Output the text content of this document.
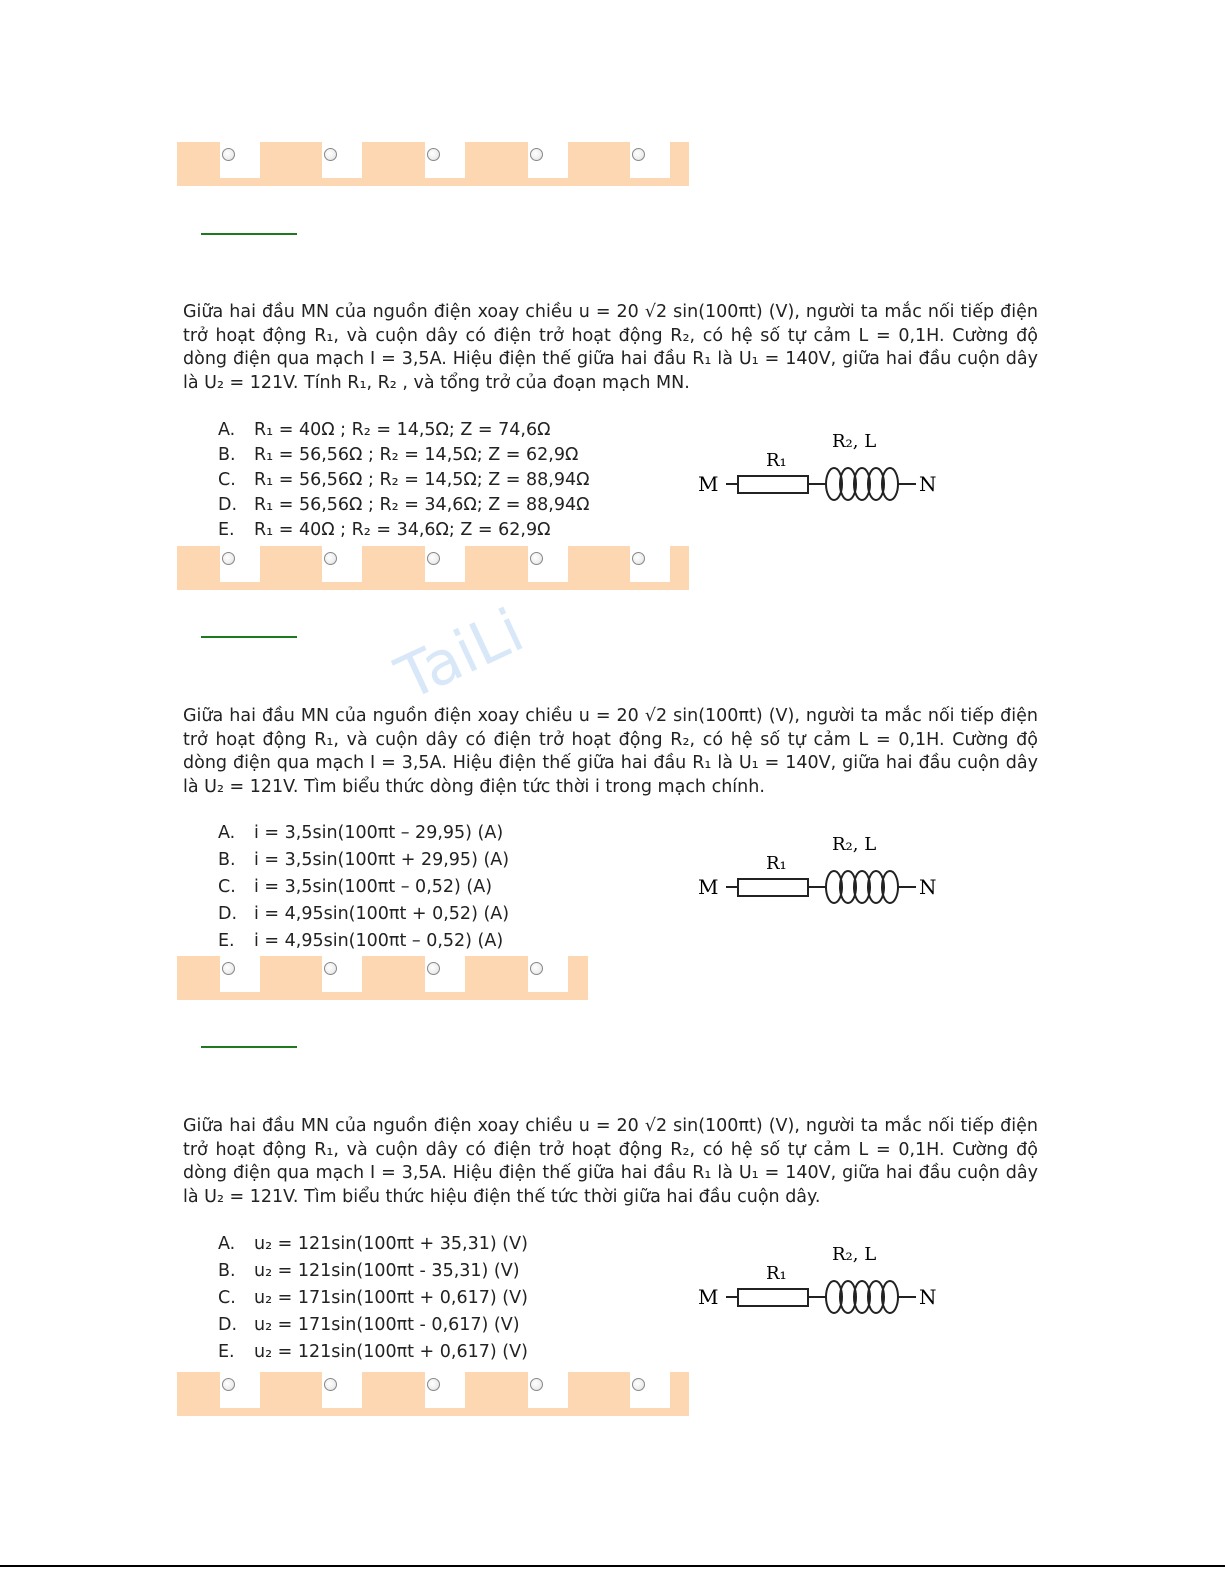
Giữa hai đầu MN của nguồn điện xoay chiều u = 20 √2 sin(100πt) (V), người ta mắc nối tiếp điện trở hoạt động R₁, và cuộn dây có điện trở hoạt động R₂, có hệ số tự cảm L = 0,1H. Cường độ dòng điện qua mạch I = 3,5A. Hiệu điện thế giữa hai đầu R₁ là U₁ = 140V, giữa hai đầu cuộn dây là U₂ = 121V. Tính R₁, R₂ , và tổng trở của đoạn mạch MN.
A. R₁ = 40Ω ; R₂ = 14,5Ω; Z = 74,6Ω
B. R₁ = 56,56Ω ; R₂ = 14,5Ω; Z = 62,9Ω
C. R₁ = 56,56Ω ; R₂ = 14,5Ω; Z = 88,94Ω
D. R₁ = 56,56Ω ; R₂ = 34,6Ω; Z = 88,94Ω
E. R₁ = 40Ω ; R₂ = 34,6Ω; Z = 62,9Ω
M
R₁
R₂, L
N
TaiLi
Giữa hai đầu MN của nguồn điện xoay chiều u = 20 √2 sin(100πt) (V), người ta mắc nối tiếp điện trở hoạt động R₁, và cuộn dây có điện trở hoạt động R₂, có hệ số tự cảm L = 0,1H. Cường độ dòng điện qua mạch I = 3,5A. Hiệu điện thế giữa hai đầu R₁ là U₁ = 140V, giữa hai đầu cuộn dây là U₂ = 121V. Tìm biểu thức dòng điện tức thời i trong mạch chính.
A. i = 3,5sin(100πt – 29,95) (A)
B. i = 3,5sin(100πt + 29,95) (A)
C. i = 3,5sin(100πt – 0,52) (A)
D. i = 4,95sin(100πt + 0,52) (A)
E. i = 4,95sin(100πt – 0,52) (A)
M
R₁
R₂, L
N
Giữa hai đầu MN của nguồn điện xoay chiều u = 20 √2 sin(100πt) (V), người ta mắc nối tiếp điện trở hoạt động R₁, và cuộn dây có điện trở hoạt động R₂, có hệ số tự cảm L = 0,1H. Cường độ dòng điện qua mạch I = 3,5A. Hiệu điện thế giữa hai đầu R₁ là U₁ = 140V, giữa hai đầu cuộn dây là U₂ = 121V. Tìm biểu thức hiệu điện thế tức thời giữa hai đầu cuộn dây.
A. u₂ = 121sin(100πt + 35,31) (V)
B. u₂ = 121sin(100πt - 35,31) (V)
C. u₂ = 171sin(100πt + 0,617) (V)
D. u₂ = 171sin(100πt - 0,617) (V)
E. u₂ = 121sin(100πt + 0,617) (V)
M
R₁
R₂, L
N
